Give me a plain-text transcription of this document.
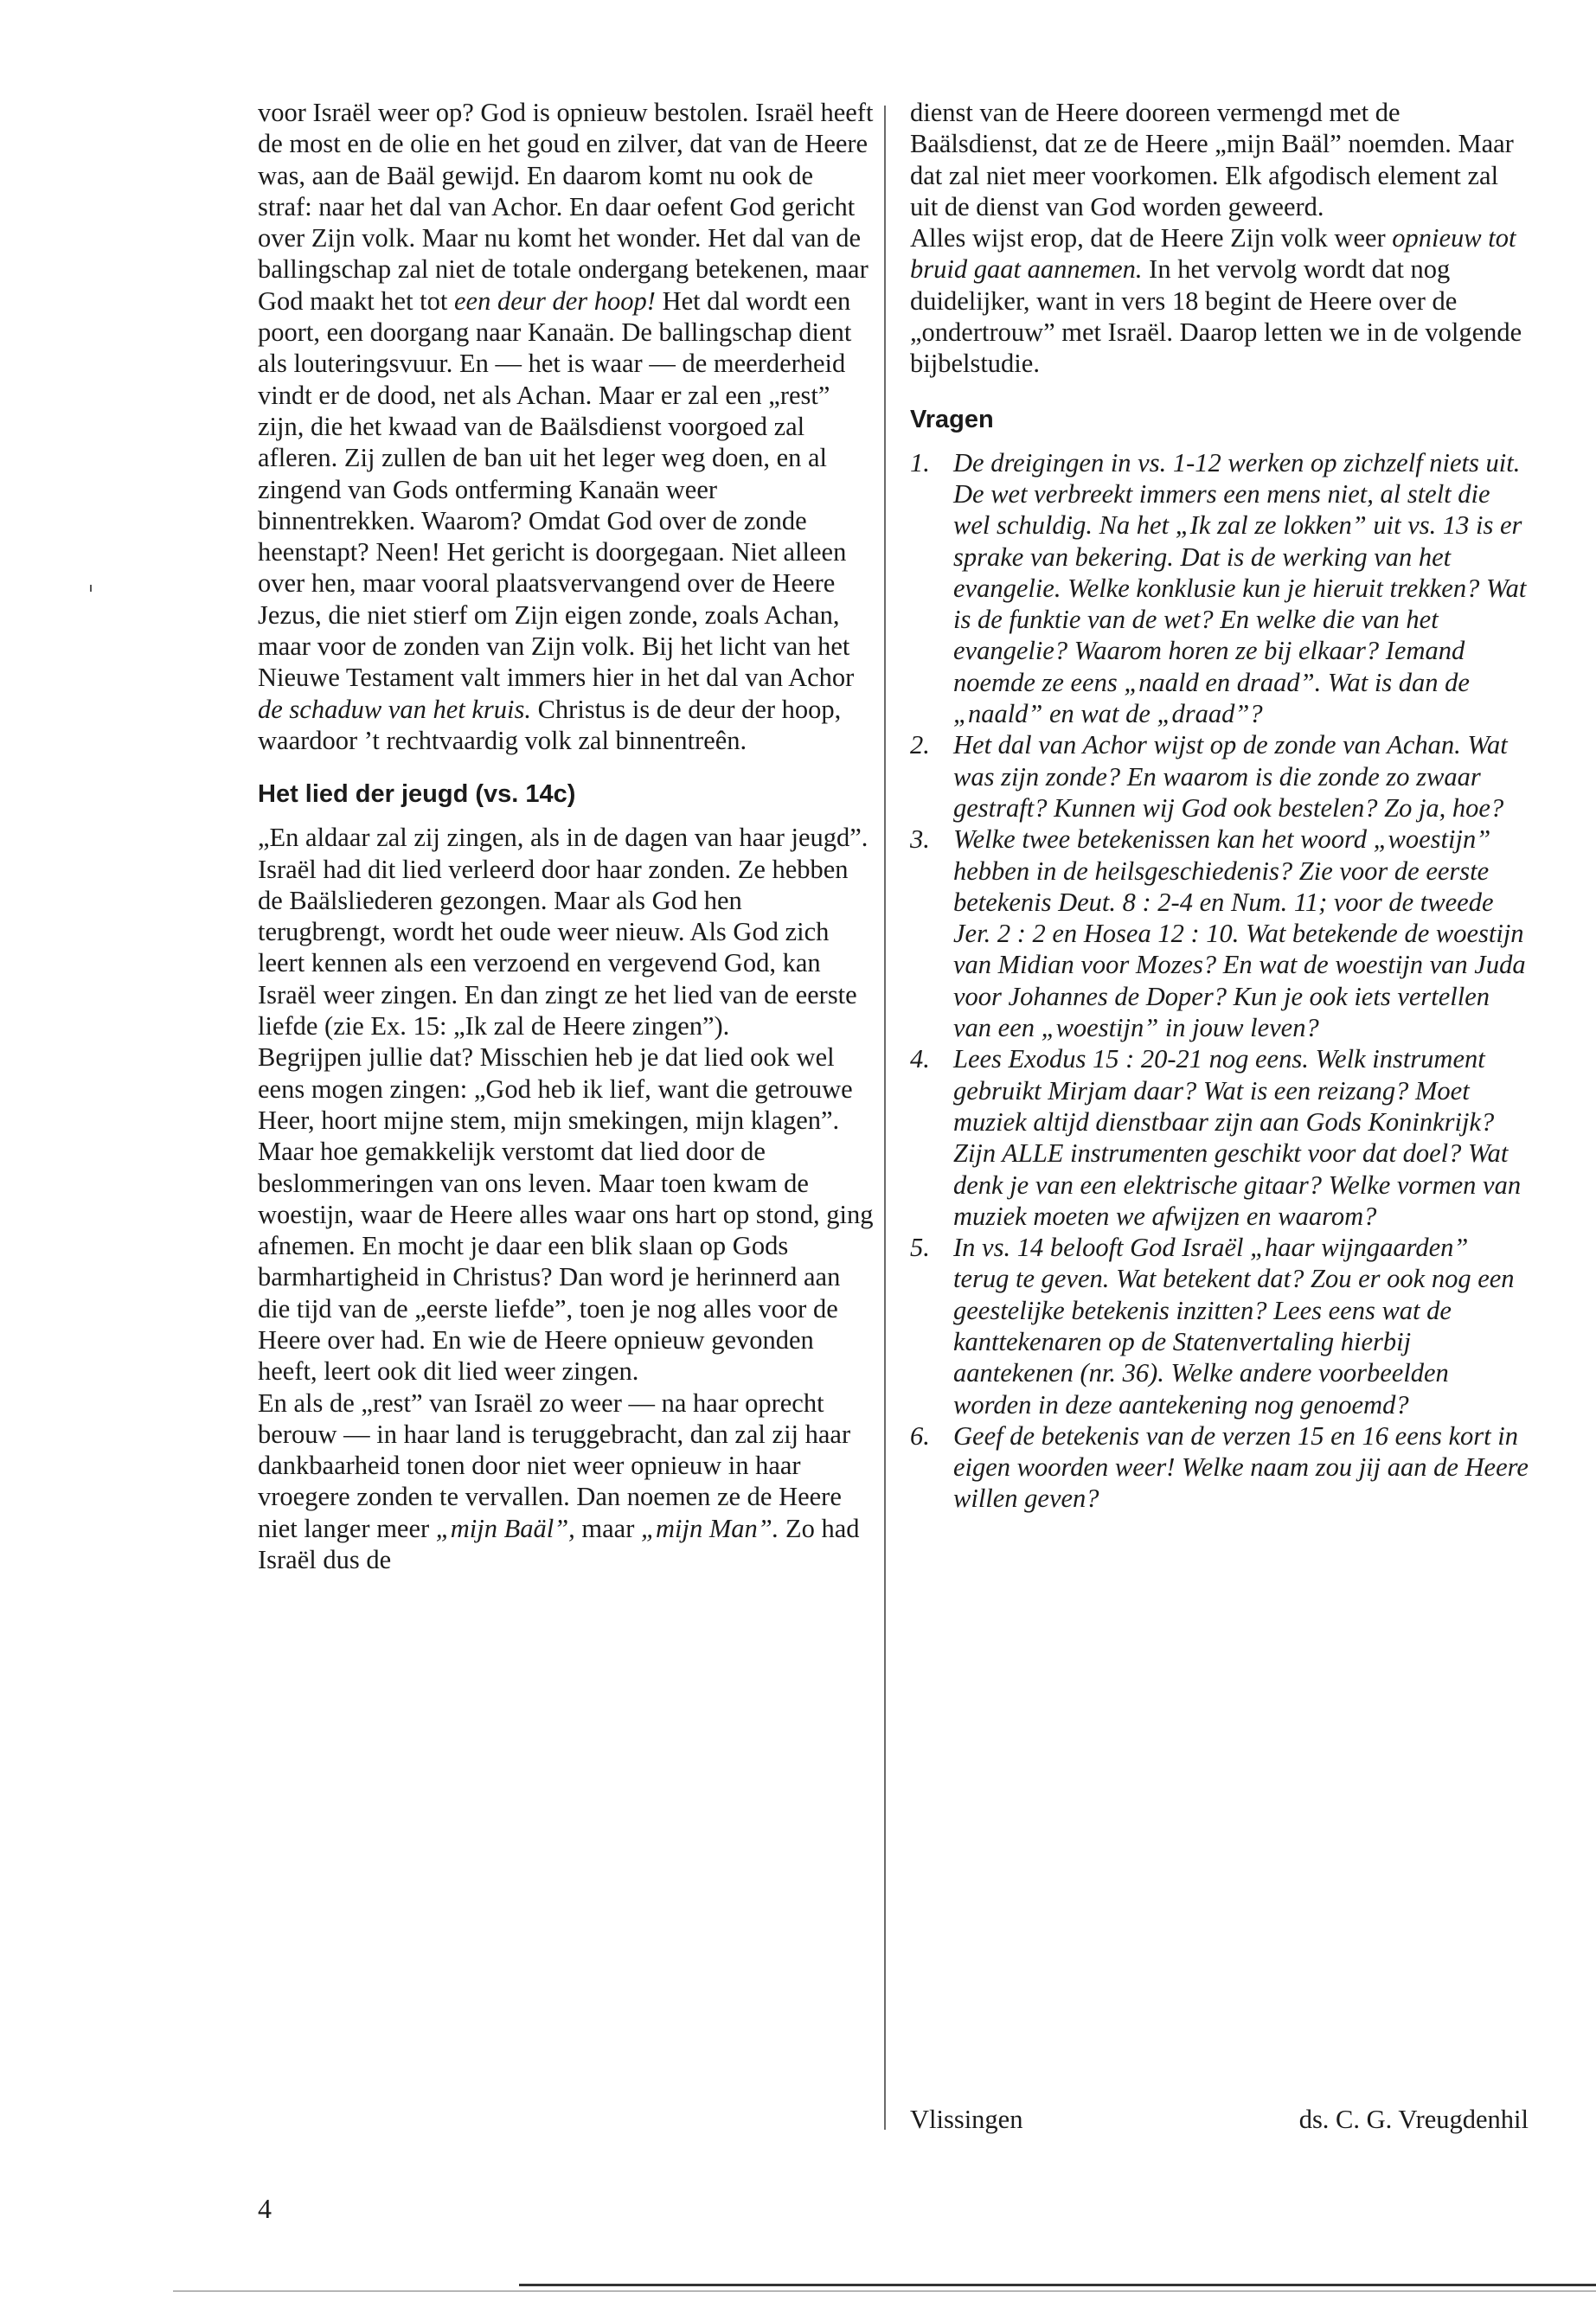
voor Israël weer op? God is opnieuw bestolen. Israël heeft de most en de olie en het goud en zilver, dat van de Heere was, aan de Baäl gewijd. En daarom komt nu ook de straf: naar het dal van Achor. En daar oefent God gericht over Zijn volk. Maar nu komt het wonder. Het dal van de ballingschap zal niet de totale ondergang betekenen, maar God maakt het tot een deur der hoop! Het dal wordt een poort, een doorgang naar Kanaän. De ballingschap dient als louteringsvuur. En — het is waar — de meerderheid vindt er de dood, net als Achan. Maar er zal een „rest” zijn, die het kwaad van de Baälsdienst voorgoed zal afleren. Zij zullen de ban uit het leger weg doen, en al zingend van Gods ontferming Kanaän weer binnentrekken. Waarom? Omdat God over de zonde heenstapt? Neen! Het gericht is doorgegaan. Niet alleen over hen, maar vooral plaatsvervangend over de Heere Jezus, die niet stierf om Zijn eigen zonde, zoals Achan, maar voor de zonden van Zijn volk. Bij het licht van het Nieuwe Testament valt immers hier in het dal van Achor de schaduw van het kruis. Christus is de deur der hoop, waardoor ’t rechtvaardig volk zal binnentreên.

Het lied der jeugd (vs. 14c)

„En aldaar zal zij zingen, als in de dagen van haar jeugd”. Israël had dit lied verleerd door haar zonden. Ze hebben de Baälsliederen gezongen. Maar als God hen terugbrengt, wordt het oude weer nieuw. Als God zich leert kennen als een verzoend en vergevend God, kan Israël weer zingen. En dan zingt ze het lied van de eerste liefde (zie Ex. 15: „Ik zal de Heere zingen”).

Begrijpen jullie dat? Misschien heb je dat lied ook wel eens mogen zingen: „God heb ik lief, want die getrouwe Heer, hoort mijne stem, mijn smekingen, mijn klagen”. Maar hoe gemakkelijk verstomt dat lied door de beslommeringen van ons leven. Maar toen kwam de woestijn, waar de Heere alles waar ons hart op stond, ging afnemen. En mocht je daar een blik slaan op Gods barmhartigheid in Christus? Dan word je herinnerd aan die tijd van de „eerste liefde”, toen je nog alles voor de Heere over had. En wie de Heere opnieuw gevonden heeft, leert ook dit lied weer zingen.

En als de „rest” van Israël zo weer — na haar oprecht berouw — in haar land is teruggebracht, dan zal zij haar dankbaarheid tonen door niet weer opnieuw in haar vroegere zonden te vervallen. Dan noemen ze de Heere niet langer meer „mijn Baäl”, maar „mijn Man”. Zo had Israël dus de

dienst van de Heere dooreen vermengd met de Baälsdienst, dat ze de Heere „mijn Baäl” noemden. Maar dat zal niet meer voorkomen. Elk afgodisch element zal uit de dienst van God worden geweerd.

Alles wijst erop, dat de Heere Zijn volk weer opnieuw tot bruid gaat aannemen. In het vervolg wordt dat nog duidelijker, want in vers 18 begint de Heere over de „ondertrouw” met Israël. Daarop letten we in de volgende bijbelstudie.

Vragen
1. De dreigingen in vs. 1-12 werken op zichzelf niets uit. De wet verbreekt immers een mens niet, al stelt die wel schuldig. Na het „Ik zal ze lokken” uit vs. 13 is er sprake van bekering. Dat is de werking van het evangelie. Welke konklusie kun je hieruit trekken? Wat is de funktie van de wet? En welke die van het evangelie? Waarom horen ze bij elkaar? Iemand noemde ze eens „naald en draad”. Wat is dan de „naald” en wat de „draad”?
2. Het dal van Achor wijst op de zonde van Achan. Wat was zijn zonde? En waarom is die zonde zo zwaar gestraft? Kunnen wij God ook bestelen? Zo ja, hoe?
3. Welke twee betekenissen kan het woord „woestijn” hebben in de heilsgeschiedenis? Zie voor de eerste betekenis Deut. 8 : 2-4 en Num. 11; voor de tweede Jer. 2 : 2 en Hosea 12 : 10. Wat betekende de woestijn van Midian voor Mozes? En wat de woestijn van Juda voor Johannes de Doper? Kun je ook iets vertellen van een „woestijn” in jouw leven?
4. Lees Exodus 15 : 20-21 nog eens. Welk instrument gebruikt Mirjam daar? Wat is een reizang? Moet muziek altijd dienstbaar zijn aan Gods Koninkrijk? Zijn ALLE instrumenten geschikt voor dat doel? Wat denk je van een elektrische gitaar? Welke vormen van muziek moeten we afwijzen en waarom?
5. In vs. 14 belooft God Israël „haar wijngaarden” terug te geven. Wat betekent dat? Zou er ook nog een geestelijke betekenis inzitten? Lees eens wat de kanttekenaren op de Statenvertaling hierbij aantekenen (nr. 36). Welke andere voorbeelden worden in deze aantekening nog genoemd?
6. Geef de betekenis van de verzen 15 en 16 eens kort in eigen woorden weer! Welke naam zou jij aan de Heere willen geven?
Vlissingen	ds. C. G. Vreugdenhil
4
